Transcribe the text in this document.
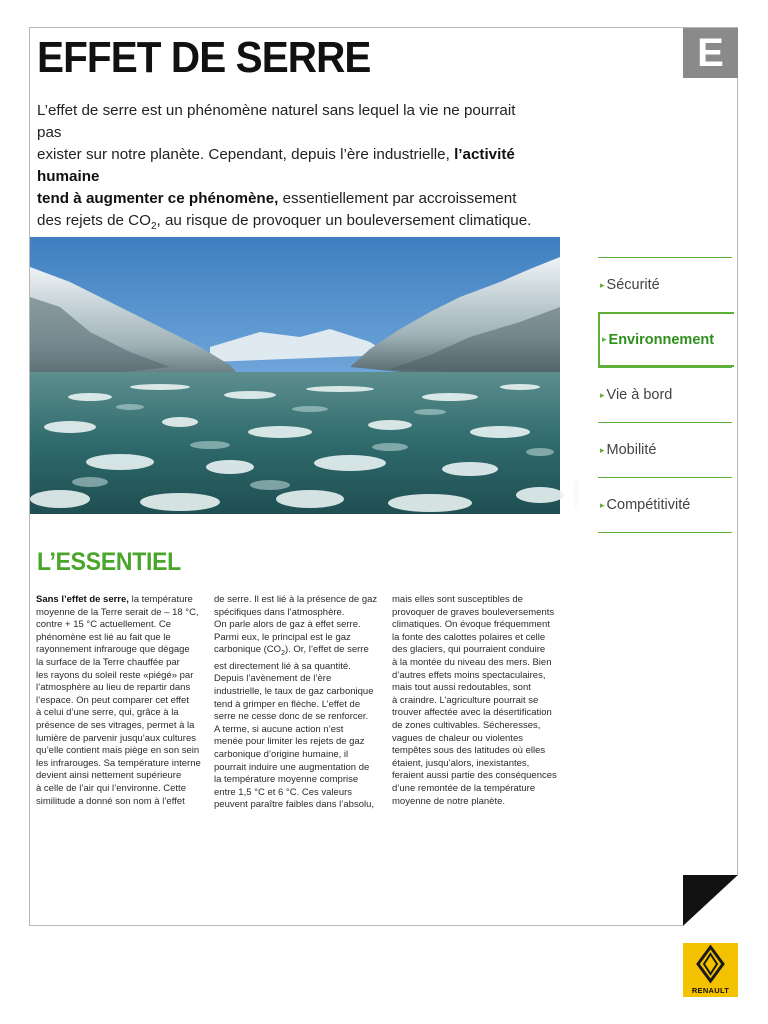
E
EFFET DE SERRE
L’effet de serre est un phénomène naturel sans lequel la vie ne pourrait pas
exister sur notre planète. Cependant, depuis l’ère industrielle, l’activité humaine
tend à augmenter ce phénomène, essentiellement par accroissement
des rejets de $CO_2$, au risque de provoquer un bouleversement climatique.
CORBIS
▸ Sécurité
▸ Environnement
▸ Vie à bord
▸ Mobilité
▸ Compétitivité
L’ESSENTIEL
Sans l’effet de serre, la température
moyenne de la Terre serait de – 18 °C,
contre + 15 °C actuellement. Ce
phénomène est lié au fait que le
rayonnement infrarouge que dégage
la surface de la Terre chauffée par
les rayons du soleil reste «piégé» par
l’atmosphère au lieu de repartir dans
l’espace. On peut comparer cet effet
à celui d’une serre, qui, grâce à la
présence de ses vitrages, permet à la
lumière de parvenir jusqu’aux cultures
qu’elle contient mais piège en son sein
les infrarouges. Sa température interne
devient ainsi nettement supérieure
à celle de l’air qui l’environne. Cette
similitude a donné son nom à l’effet
de serre. Il est lié à la présence de gaz
spécifiques dans l’atmosphère.
On parle alors de gaz à effet serre.
Parmi eux, le principal est le gaz
carbonique $(CO_2)$. Or, l’effet de serre
est directement lié à sa quantité.
Depuis l’avènement de l’ère
industrielle, le taux de gaz carbonique
tend à grimper en flèche. L’effet de
serre ne cesse donc de se renforcer.
A terme, si aucune action n’est
menée pour limiter les rejets de gaz
carbonique d’origine humaine, il
pourrait induire une augmentation de
la température moyenne comprise
entre 1,5 °C et 6 °C. Ces valeurs
peuvent paraître faibles dans l’absolu,
mais elles sont susceptibles de
provoquer de graves bouleversements
climatiques. On évoque fréquemment
la fonte des calottes polaires et celle
des glaciers, qui pourraient conduire
à la montée du niveau des mers. Bien
d’autres effets moins spectaculaires,
mais tout aussi redoutables, sont
à craindre. L’agriculture pourrait se
trouver affectée avec la désertification
de zones cultivables. Sécheresses,
vagues de chaleur ou violentes
tempêtes sous des latitudes où elles
étaient, jusqu’alors, inexistantes,
feraient aussi partie des conséquences
d’une remontée de la température
moyenne de notre planète.
RENAULT
